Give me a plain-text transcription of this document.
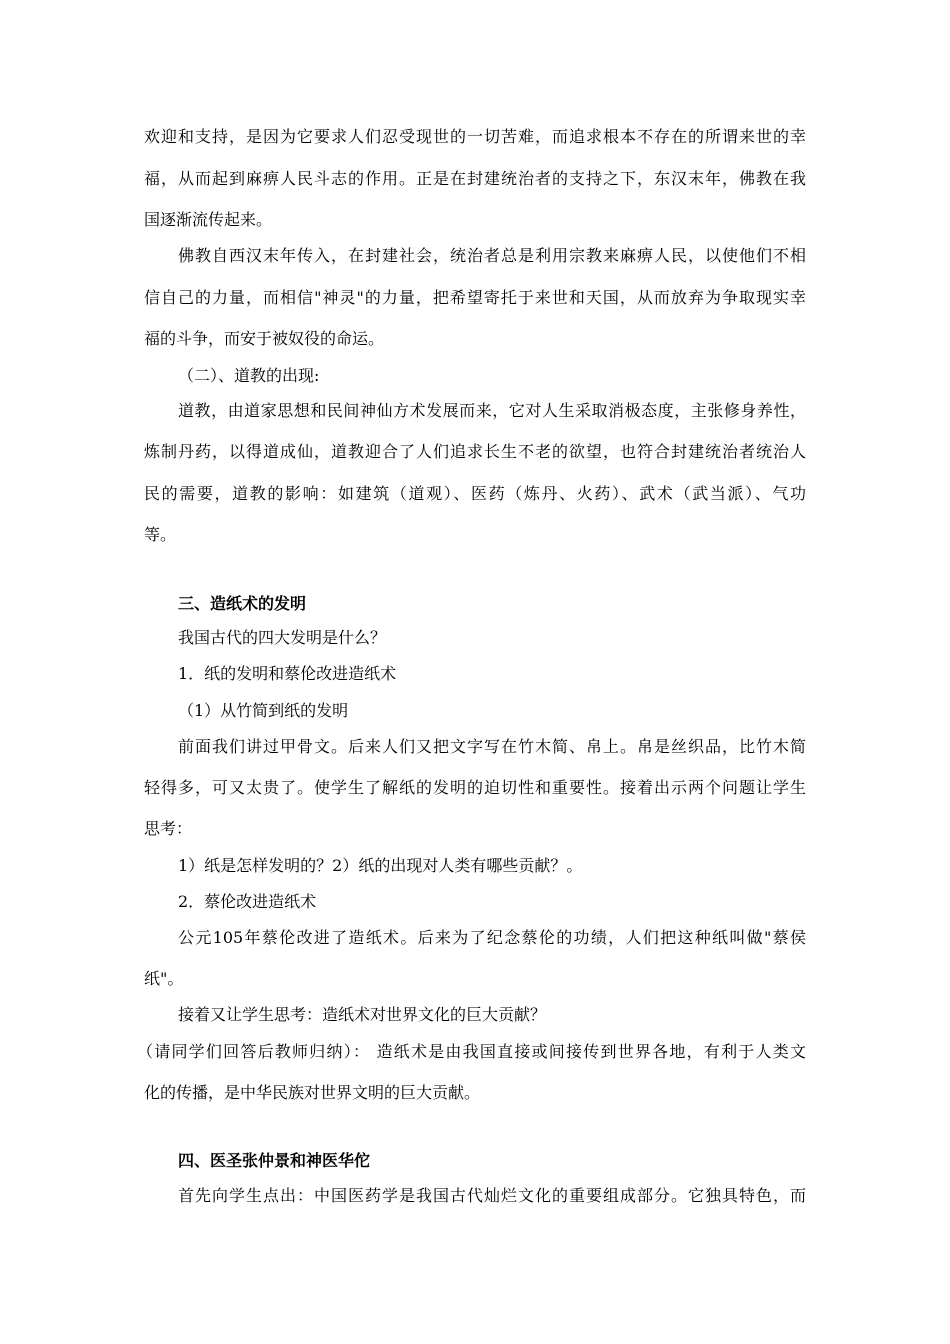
欢迎和支持，是因为它要求人们忍受现世的一切苦难，而追求根本不存在的所谓来世的幸
福，从而起到麻痹人民斗志的作用。正是在封建统治者的支持之下，东汉末年，佛教在我
国逐渐流传起来。
佛教自西汉末年传入，在封建社会，统治者总是利用宗教来麻痹人民，以使他们不相
信自己的力量，而相信"神灵"的力量，把希望寄托于来世和天国，从而放弃为争取现实幸
福的斗争，而安于被奴役的命运。
（二）、道教的出现:
道教，由道家思想和民间神仙方术发展而来，它对人生采取消极态度，主张修身养性，
炼制丹药，以得道成仙，道教迎合了人们追求长生不老的欲望，也符合封建统治者统治人
民的需要，道教的影响：如建筑（道观）、医药（炼丹、火药）、武术（武当派）、气功
等。
三、造纸术的发明
我国古代的四大发明是什么？
1．纸的发明和蔡伦改进造纸术
（1）从竹简到纸的发明
前面我们讲过甲骨文。后来人们又把文字写在竹木简、帛上。帛是丝织品，比竹木简
轻得多，可又太贵了。使学生了解纸的发明的迫切性和重要性。接着出示两个问题让学生
思考：
1）纸是怎样发明的？2）纸的出现对人类有哪些贡献？。
2．蔡伦改进造纸术
公元105年蔡伦改进了造纸术。后来为了纪念蔡伦的功绩，人们把这种纸叫做"蔡侯
纸"。
接着又让学生思考：造纸术对世界文化的巨大贡献？
（请同学们回答后教师归纳）： 造纸术是由我国直接或间接传到世界各地，有利于人类文
化的传播，是中华民族对世界文明的巨大贡献。
四、医圣张仲景和神医华佗
首先向学生点出：中国医药学是我国古代灿烂文化的重要组成部分。它独具特色，而
